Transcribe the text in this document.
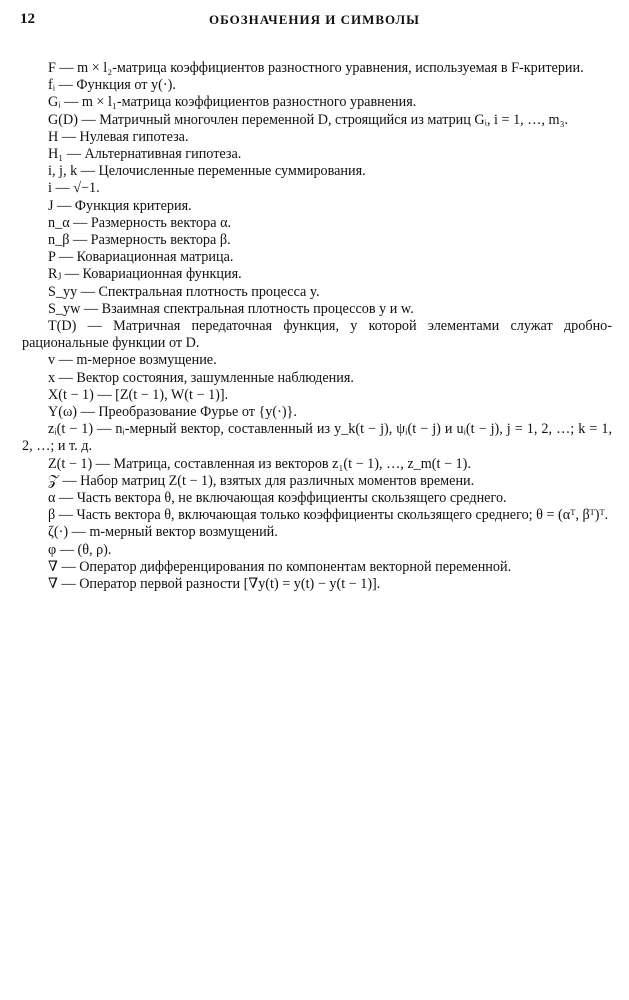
12	ОБОЗНАЧЕНИЯ И СИМВОЛЫ

F — m × l₂-матрица коэффициентов разностного уравнения, используемая в F-критерии.

fᵢ — Функция от y(·).

Gᵢ — m × l₁-матрица коэффициентов разностного уравнения.

G(D) — Матричный многочлен переменной D, строящийся из матриц Gᵢ, i = 1, …, m₃.

H — Нулевая гипотеза.

H₁ — Альтернативная гипотеза.

i, j, k — Целочисленные переменные суммирования.

i — √−1.

J — Функция критерия.

n_α — Размерность вектора α.

n_β — Размерность вектора β.

P — Ковариационная матрица.

Rⱼ — Ковариационная функция.

S_yy — Спектральная плотность процесса y.

S_yw — Взаимная спектральная плотность процессов y и w.

T(D) — Матричная передаточная функция, у которой элементами служат дробно-рациональные функции от D.

v — m-мерное возмущение.

x — Вектор состояния, зашумленные наблюдения.

X(t − 1) — [Z(t − 1), W(t − 1)].

Y(ω) — Преобразование Фурье от {y(·)}.

zᵢ(t − 1) — nᵢ-мерный вектор, составленный из y_k(t − j), ψᵢ(t − j) и uᵢ(t − j), j = 1, 2, …; k = 1, 2, …; и т. д.

Z(t − 1) — Матрица, составленная из векторов z₁(t − 1), …, z_m(t − 1).

𝒵 — Набор матриц Z(t − 1), взятых для различных моментов времени.

α — Часть вектора θ, не включающая коэффициенты скользящего среднего.

β — Часть вектора θ, включающая только коэффициенты скользящего среднего; θ = (αᵀ, βᵀ)ᵀ.

ζ(·) — m-мерный вектор возмущений.

φ — (θ, ρ).

∇ — Оператор дифференцирования по компонентам векторной переменной.

∇ — Оператор первой разности [∇y(t) = y(t) − y(t − 1)].
